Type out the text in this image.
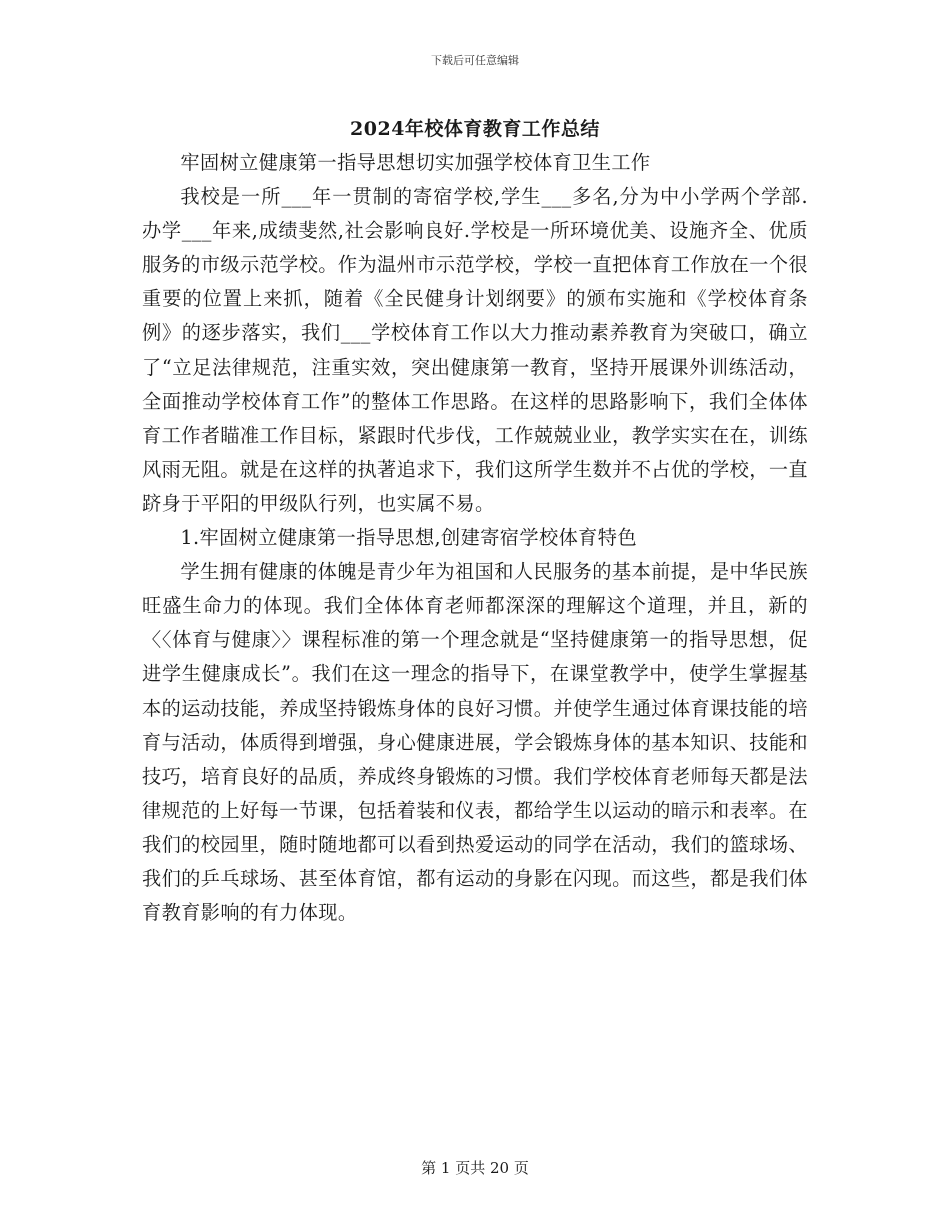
下载后可任意编辑
2024年校体育教育工作总结

牢固树立健康第一指导思想切实加强学校体育卫生工作

我校是一所___年一贯制的寄宿学校,学生___多名,分为中小学两个学部.办学___年来,成绩斐然,社会影响良好.学校是一所环境优美、设施齐全、优质服务的市级示范学校。作为温州市示范学校，学校一直把体育工作放在一个很重要的位置上来抓，随着《全民健身计划纲要》的颁布实施和《学校体育条例》的逐步落实，我们___学校体育工作以大力推动素养教育为突破口，确立了“立足法律规范，注重实效，突出健康第一教育，坚持开展课外训练活动，全面推动学校体育工作”的整体工作思路。在这样的思路影响下，我们全体体育工作者瞄准工作目标，紧跟时代步伐，工作兢兢业业，教学实实在在，训练风雨无阻。就是在这样的执著追求下，我们这所学生数并不占优的学校，一直跻身于平阳的甲级队行列，也实属不易。

1.牢固树立健康第一指导思想,创建寄宿学校体育特色

学生拥有健康的体魄是青少年为祖国和人民服务的基本前提，是中华民族旺盛生命力的体现。我们全体体育老师都深深的理解这个道理，并且，新的〈〈体育与健康〉〉课程标准的第一个理念就是“坚持健康第一的指导思想，促进学生健康成长”。我们在这一理念的指导下，在课堂教学中，使学生掌握基本的运动技能，养成坚持锻炼身体的良好习惯。并使学生通过体育课技能的培育与活动，体质得到增强，身心健康进展，学会锻炼身体的基本知识、技能和技巧，培育良好的品质，养成终身锻炼的习惯。我们学校体育老师每天都是法律规范的上好每一节课，包括着装和仪表，都给学生以运动的暗示和表率。在我们的校园里，随时随地都可以看到热爱运动的同学在活动，我们的篮球场、我们的乒乓球场、甚至体育馆，都有运动的身影在闪现。而这些，都是我们体育教育影响的有力体现。

第 1 页共 20 页
